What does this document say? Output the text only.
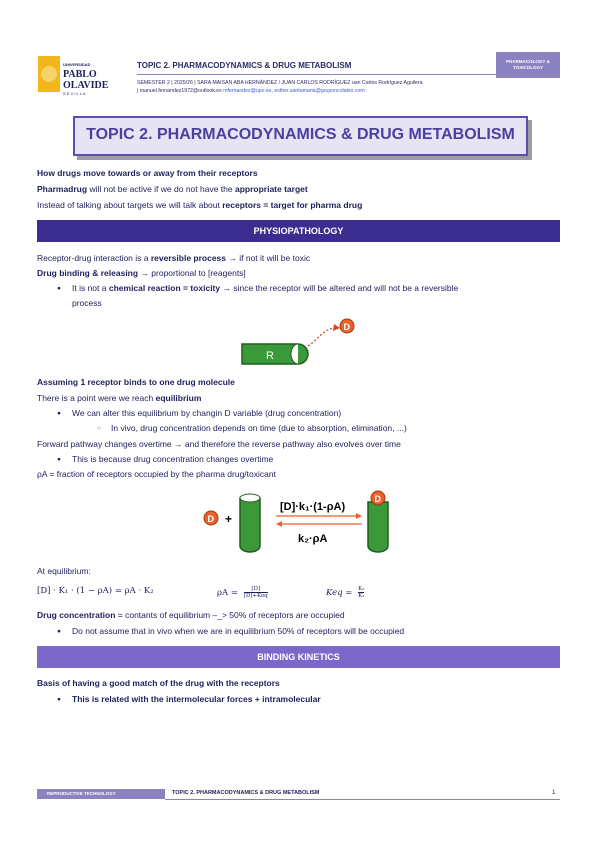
UNIVERSIDAD
PABLO
OLAVIDE
S E V I L L A
TOPIC 2. PHARMACODYNAMICS & DRUG METABOLISM	PHARMACOLOGY & TOXICOLOGY
SEMESTER 2 | 2025/26 | SARA MAISAN ABA HERNÁNDEZ / JUAN CARLOS RODRÍGUEZ uan Carlos Rodríguez Aguilera
| manuel.fernandez1972@outlook.es mfernandez@upo.es, esther.santamaria@gruponcolates.com
TOPIC 2. PHARMACODYNAMICS & DRUG METABOLISM
How drugs move towards or away from their receptors
Pharmadrug will not be active if we do not have the appropriate target
Instead of talking about targets we will talk about receptors = target for pharma drug
PHYSIOPATHOLOGY
Receptor-drug interaction is a reversible process → if not it will be toxic
Drug binding & releasing → proportional to [reagents]
● It is not a chemical reaction = toxicity → since the receptor will be altered and will not be a reversible
process
R
D
Assuming 1 receptor binds to one drug molecule
There is a point were we reach equilibrium
● We can alter this equilibrium by changin D variable (drug concentration)
○ In vivo, drug concentration depends on time (due to absorption, elimination, ...)
Forward pathway changes overtime → and therefore the reverse pathway also evolves over time
● This is because drug concentration changes overtime
ρA = fraction of receptors occupied by the pharma drug/toxicant
D +
[D]·k₁·(1-ρA)
k₂·ρA
D
At equilibrium:
[D] · K₁ · (1 − ρA) = ρA · K₂	ρA =	[D]
[D]+Keq	Keq = $\frac{\text{K₂}}{\text{K₁}}$
Drug concentration = contants of equilibrium –_> 50% of receptors are occupied
● Do not assume that in vivo when we are in equilibrium 50% of receptors will be occupied
BINDING KINETICS
Basis of having a good match of the drug with the receptors
● This is related with the intermolecular forces + intramolecular
REPRODUCTIVE TECHNOLOGY	TOPIC 2. PHARMACODYNAMICS & DRUG METABOLISM	1
